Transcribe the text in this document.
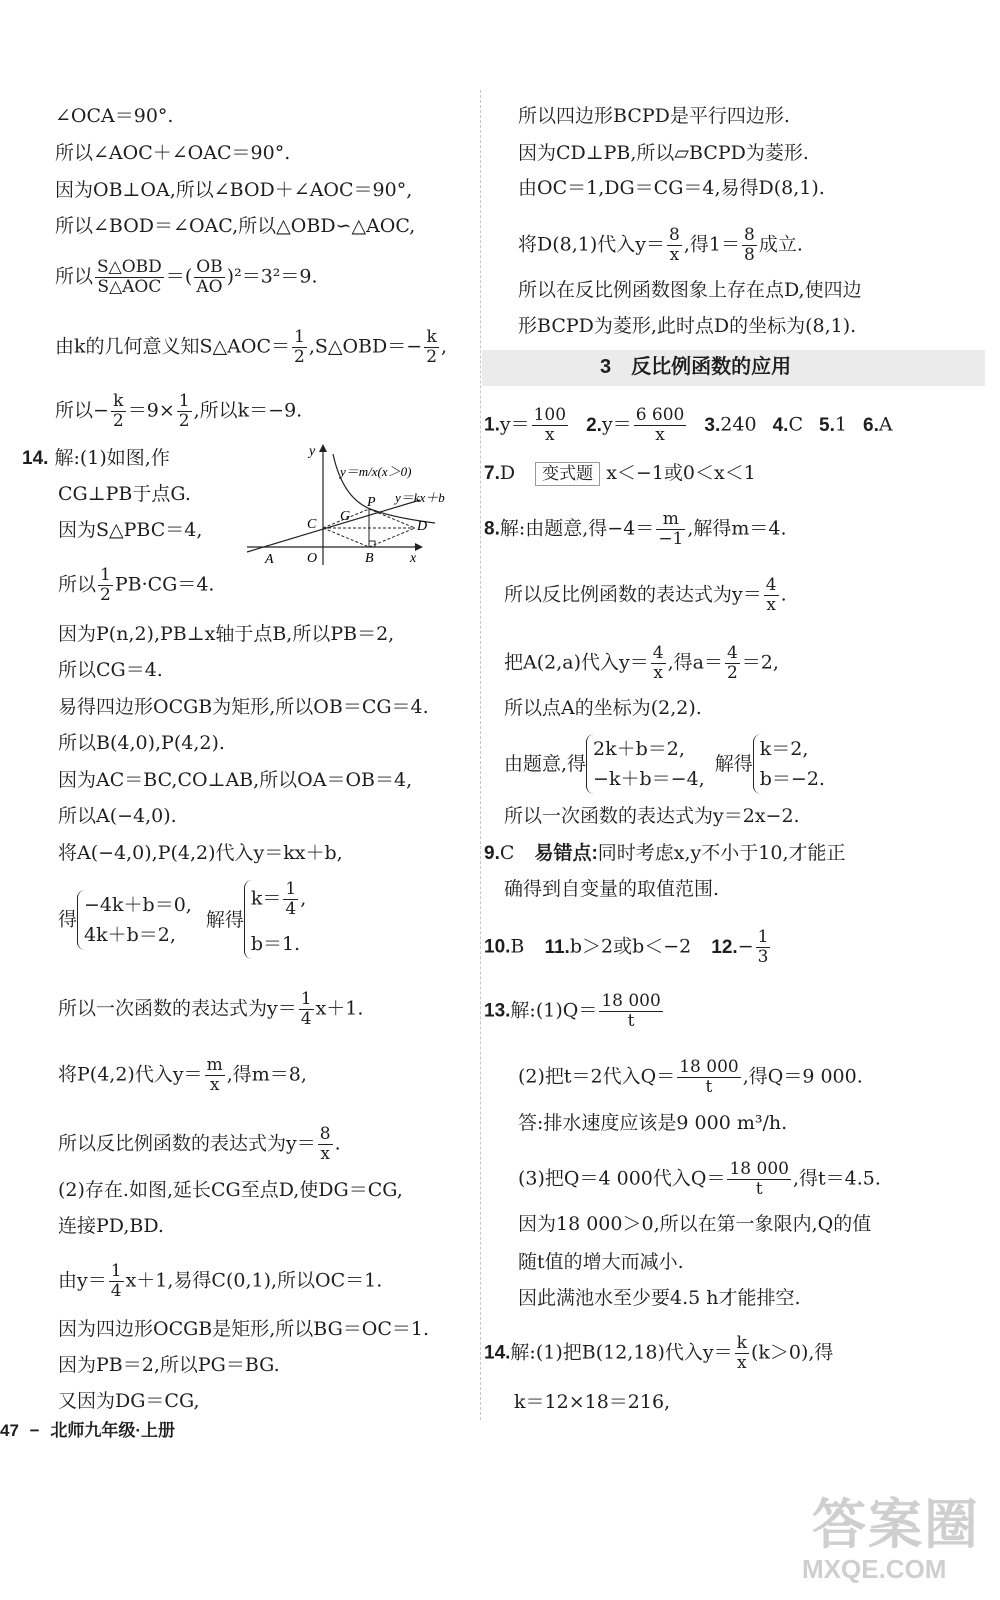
∠OCA＝90°.
所以∠AOC＋∠OAC＝90°.
因为OB⊥OA,所以∠BOD＋∠AOC＝90°,
所以∠BOD＝∠OAC,所以△OBD∽△AOC,
所以 $\frac{\text{S△OBD}}{\text{S△AOC}}$ ＝( $\frac{OB}{AO} )^2=3^2=9$.
由k的几何意义知S△AOC＝ $\frac{1}{2}$ ,S△OBD＝− $\frac{k}{2}$ ,
所以− $\frac{k}{2} =9\times \frac{1}{2}$ ,所以k＝−9.
14. 解:(1)如图,作
CG⊥PB于点G.
因为S△PBC＝4,
所以 $\frac{1}{2} PB\cdot CG=4$.
因为P(n,2),PB⊥x轴于点B,所以PB＝2,
所以CG＝4.
易得四边形OCGB为矩形,所以OB＝CG＝4.
所以B(4,0),P(4,2).
因为AC＝BC,CO⊥AB,所以OA＝OB＝4,
所以A(−4,0).
将A(−4,0),P(4,2)代入y＝kx＋b,
得
−4k＋b＝0,
4k＋b＝2,
解得
$k= \frac{1}{4}$ ,
b＝1.
所以一次函数的表达式为$y= \frac{1}{4} x+1$.
将P(4,2)代入$y= \frac{m}{x}$ ,得m＝8,
所以反比例函数的表达式为$y= \frac{8}{x}$ .
(2)存在.如图,延长CG至点D,使DG＝CG,
连接PD,BD.
由$y= \frac{1}{4} x+1$,易得C(0,1),所以OC＝1.
因为四边形OCGB是矩形,所以BG＝OC＝1.
因为PB＝2,所以PG＝BG.
又因为DG＝CG,
y
x
y＝m/x(x＞0)
y＝kx＋b
A O	B
C
G
P
D
所以四边形BCPD是平行四边形.
因为CD⊥PB,所以▱BCPD为菱形.
由OC＝1,DG＝CG＝4,易得D(8,1).
将D(8,1)代入$y= \frac{8}{x}$ ,得$1= \frac{8}{8}$ 成立.
所以在反比例函数图象上存在点D,使四边
形BCPD为菱形,此时点D的坐标为(8,1).
$1.y= \frac{100}{x} 2.y= \frac{6 600}{x} 3.240$ 4.C 5.1 6.A
7.D 变式题 x＜−1或0＜x＜1
8.解:由题意,得$-4= \frac{m}{-1}$ ,解得m＝4.
所以反比例函数的表达式为$y= \frac{4}{x}$ .
把A(2,a)代入$y= \frac{4}{x}$ ,得$a= \frac{4}{2} =2$,
所以点A的坐标为(2,2).
由题意,得
2k＋b＝2,
−k＋b＝−4,
解得
k＝2,
b＝−2.
所以一次函数的表达式为y＝2x−2.
9.C 易错点:同时考虑x,y不小于10,才能正
确得到自变量的取值范围.
10.B 11.b＞2或b＜−2 $12.- \frac{1}{3}$
13.解:(1)Q＝ $\frac{18 000}{t}$
(2)把t＝2代入$Q= \frac{18 000}{t}$ ,得Q＝9 000.
答:排水速度应该是9 000 m³/h.
(3)把Q＝4 000代入$Q= \frac{18 000}{t}$ ,得t＝4.5.
因为18 000＞0,所以在第一象限内,Q的值
随t值的增大而减小.
因此满池水至少要4.5 h才能排空.
14.解:(1)把B(12,18)代入$y= \frac{k}{x} (k>0)$,得
k＝12×18＝216,
3　反比例函数的应用
47 − 北师九年级·上册
答案圈
MXQE.COM
